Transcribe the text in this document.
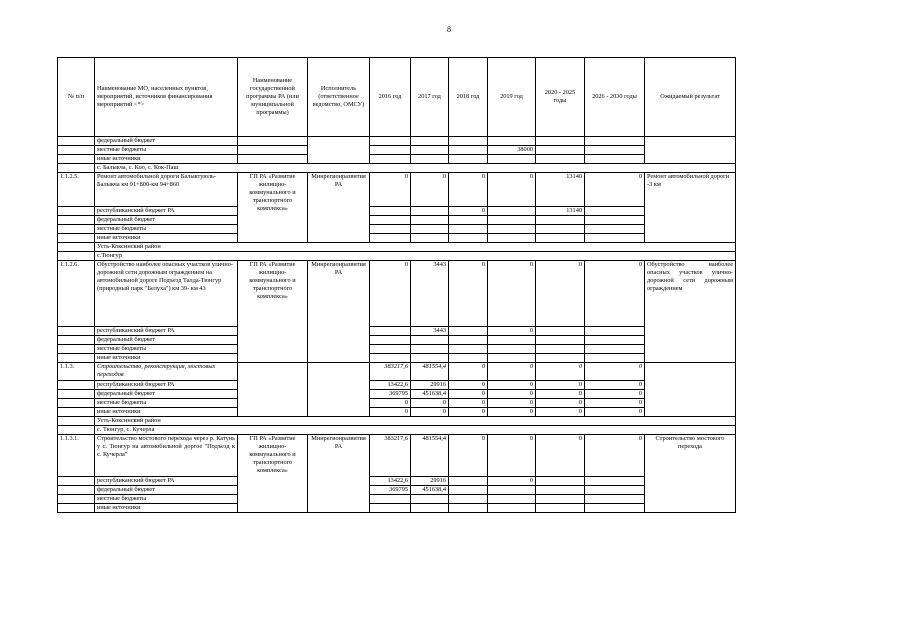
8
№ п/п	Наименование МО, населенных пунктов, мероприятий, источников финансирования мероприятий <*>	Наименование государственной программы РА (или муниципальной программы)	Исполнитель (ответственное ведомство, ОМСУ)	2016 год	2017 год	2018 год	2019 год	2020 - 2025 годы	2026 - 2030 годы	Ожидаемый результат
	федеральный бюджет									
	местные бюджеты						38000			
	иные источники									
	с. Балыкча, с. Коо, с. Кок-Паш									
1.1.2.5.	Ремонт автомобильной дороги Балыктуюль-Балыкча км 91+800-км 94+860	ГП РА «Развитие жилищно-коммунального и транспортного комплекса»	Минрегионразвития РА	0	0	0	0	13140	0	Ремонт автомобильной дороги -3 км
	республиканский бюджет РА					0		13140		
	федеральный бюджет									
	местные бюджеты									
	иные источники									
	Усть-Коксинский район									
	с.Тюнгур									
1.1.2.6.	Обустройство наиболее опасных участков улично-дорожной сети дорожным ограждением на автомобильной дороге Подъезд Талда-Тюнгур (природный парк "Белуха") км 39- км 43	ГП РА «Развитие жилищно-коммунального и транспортного комплекса»	Минрегионразвития РА	0	3443	0	0	0	0	Обустройство наиболее опасных участков улично-дорожной сети дорожным ограждением
	республиканский бюджет РА				3443		0			
	федеральный бюджет									
	местные бюджеты									
	иные источники									
1.1.3.	Строительство, реконструкция, мостовых переходов			383217,6	481554,4	0	0	0	0	
	республиканский бюджет РА			13422,6	29916	0	0	0	0	
	федеральный бюджет			369795	451638,4	0	0	0	0	
	местные бюджеты			0	0	0	0	0	0	
	иные источники			0	0	0	0	0	0	
	Усть-Коксинский район									
	с. Тюнгур, с. Кучерла									
1.1.3.1.	Строительство мостового перехода через р. Катунь у с. Тюнгур на автомобильной доргое "Подъезд к с. Кучерла"	ГП РА «Развитие жилищно-коммунального и транспортного комплекса»	Минрегионразвития РА	383217,6	481554,4	0	0	0	0	Строительство мостового перехода
	республиканский бюджет РА			13422,6	29916		0			
	федеральный бюджет			369795	451638,4					
	местные бюджеты									
	иные источники									
